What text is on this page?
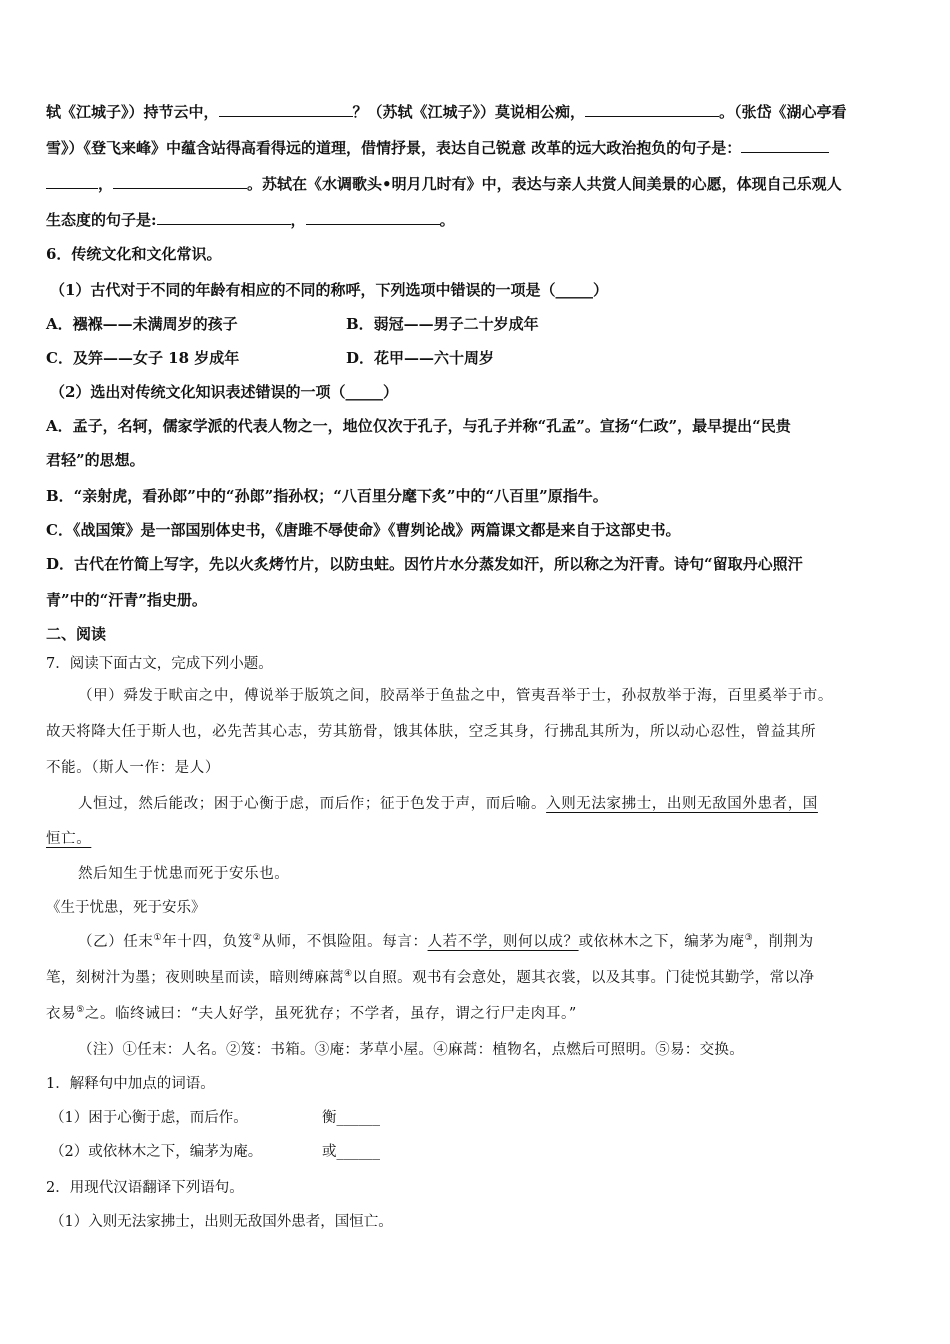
轼《江城子》）持节云中，	？（苏轼《江城子》）莫说相公痴，	。（张岱《湖心亭看
雪》）《登飞来峰》中蕴含站得高看得远的道理，借情抒景，表达自己锐意 改革的远大政治抱负的句子是：
，	。苏轼在《水调歌头•明月几时有》中，表达与亲人共赏人间美景的心愿，体现自己乐观人
生态度的句子是:	，	。
6．传统文化和文化常识。
（1）古代对于不同的年龄有相应的不同的称呼，下列选项中错误的一项是（_____）
A．襁褓——未满周岁的孩子	B．弱冠——男子二十岁成年
C．及笄——女子 18 岁成年	D．花甲——六十周岁
（2）选出对传统文化知识表述错误的一项（_____）
A．孟子，名轲，儒家学派的代表人物之一，地位仅次于孔子，与孔子并称“孔孟”。宣扬“仁政”，最早提出“民贵
君轻”的思想。
B．“亲射虎，看孙郎”中的“孙郎”指孙权；“八百里分麾下炙”中的“八百里”原指牛。
C．《战国策》是一部国别体史书，《唐雎不辱使命》《曹刿论战》两篇课文都是来自于这部史书。
D．古代在竹简上写字，先以火炙烤竹片，以防虫蛀。因竹片水分蒸发如汗，所以称之为汗青。诗句“留取丹心照汗
青”中的“汗青”指史册。
二、阅读
7．阅读下面古文，完成下列小题。
（甲）舜发于畎亩之中，傅说举于版筑之间，胶鬲举于鱼盐之中，管夷吾举于士，孙叔敖举于海，百里奚举于市。
故天将降大任于斯人也，必先苦其心志，劳其筋骨，饿其体肤，空乏其身，行拂乱其所为，所以动心忍性，曾益其所
不能。（斯人一作：是人）
人恒过，然后能改；困于心衡于虑，而后作；征于色发于声，而后喻。入则无法家拂士，出则无敌国外患者，国
恒亡。
然后知生于忧患而死于安乐也。
《生于忧患，死于安乐》
（乙）任末①年十四，负笈②从师，不惧险阻。每言：人若不学，则何以成？或依林木之下，编茅为庵③，削荆为
笔，刻树汁为墨；夜则映星而读，暗则缚麻蒿④以自照。观书有会意处，题其衣裳，以及其事。门徒悦其勤学，常以净
衣易⑤之。临终诫曰：“夫人好学，虽死犹存；不学者，虽存，谓之行尸走肉耳。”
（注）①任末：人名。②笈：书箱。③庵：茅草小屋。④麻蒿：植物名，点燃后可照明。⑤易：交换。
1．解释句中加点的词语。
（1）困于心衡于虑，而后作。	衡______
（2）或依林木之下，编茅为庵。	或______
2．用现代汉语翻译下列语句。
（1）入则无法家拂士，出则无敌国外患者，国恒亡。
